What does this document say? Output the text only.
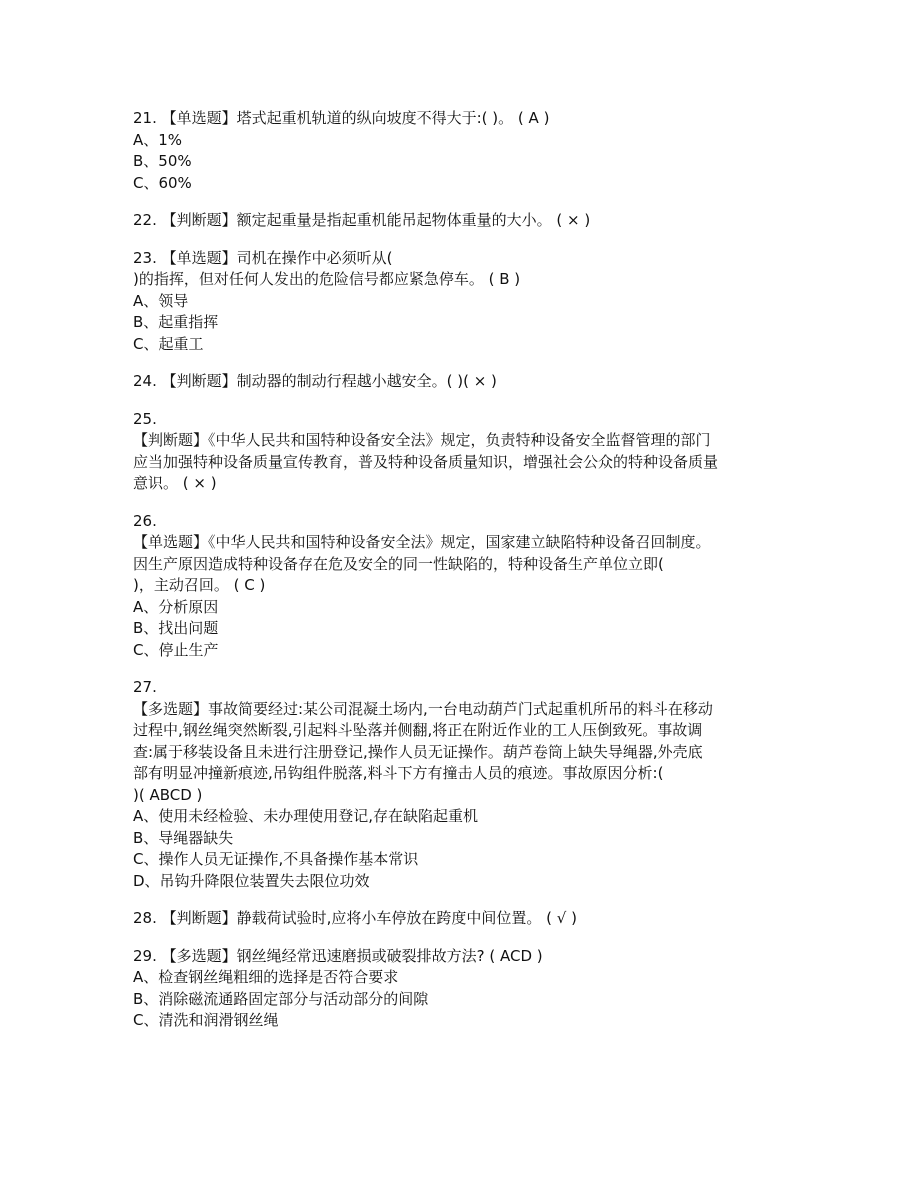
21. 【单选题】塔式起重机轨道的纵向坡度不得大于:( )。 ( A )
A、1%
B、50%
C、60%
22. 【判断题】额定起重量是指起重机能吊起物体重量的大小。 ( × )
23. 【单选题】司机在操作中必须听从(
)的指挥，但对任何人发出的危险信号都应紧急停车。 ( B )
A、领导
B、起重指挥
C、起重工
24. 【判断题】制动器的制动行程越小越安全。( )( × )
25.
【判断题】《中华人民共和国特种设备安全法》规定，负责特种设备安全监督管理的部门
应当加强特种设备质量宣传教育，普及特种设备质量知识，增强社会公众的特种设备质量
意识。 ( × )
26.
【单选题】《中华人民共和国特种设备安全法》规定，国家建立缺陷特种设备召回制度。
因生产原因造成特种设备存在危及安全的同一性缺陷的，特种设备生产单位立即(
)，主动召回。 ( C )
A、分析原因
B、找出问题
C、停止生产
27.
【多选题】事故简要经过:某公司混凝土场内,一台电动葫芦门式起重机所吊的料斗在移动
过程中,钢丝绳突然断裂,引起料斗坠落并侧翻,将正在附近作业的工人压倒致死。事故调
查:属于移装设备且未进行注册登记,操作人员无证操作。葫芦卷筒上缺失导绳器,外壳底
部有明显冲撞新痕迹,吊钩组件脱落,料斗下方有撞击人员的痕迹。事故原因分析:(
)( ABCD )
A、使用未经检验、未办理使用登记,存在缺陷起重机
B、导绳器缺失
C、操作人员无证操作,不具备操作基本常识
D、吊钩升降限位装置失去限位功效
28. 【判断题】静载荷试验时,应将小车停放在跨度中间位置。 ( √ )
29. 【多选题】钢丝绳经常迅速磨损或破裂排故方法? ( ACD )
A、检查钢丝绳粗细的选择是否符合要求
B、消除磁流通路固定部分与活动部分的间隙
C、清洗和润滑钢丝绳
